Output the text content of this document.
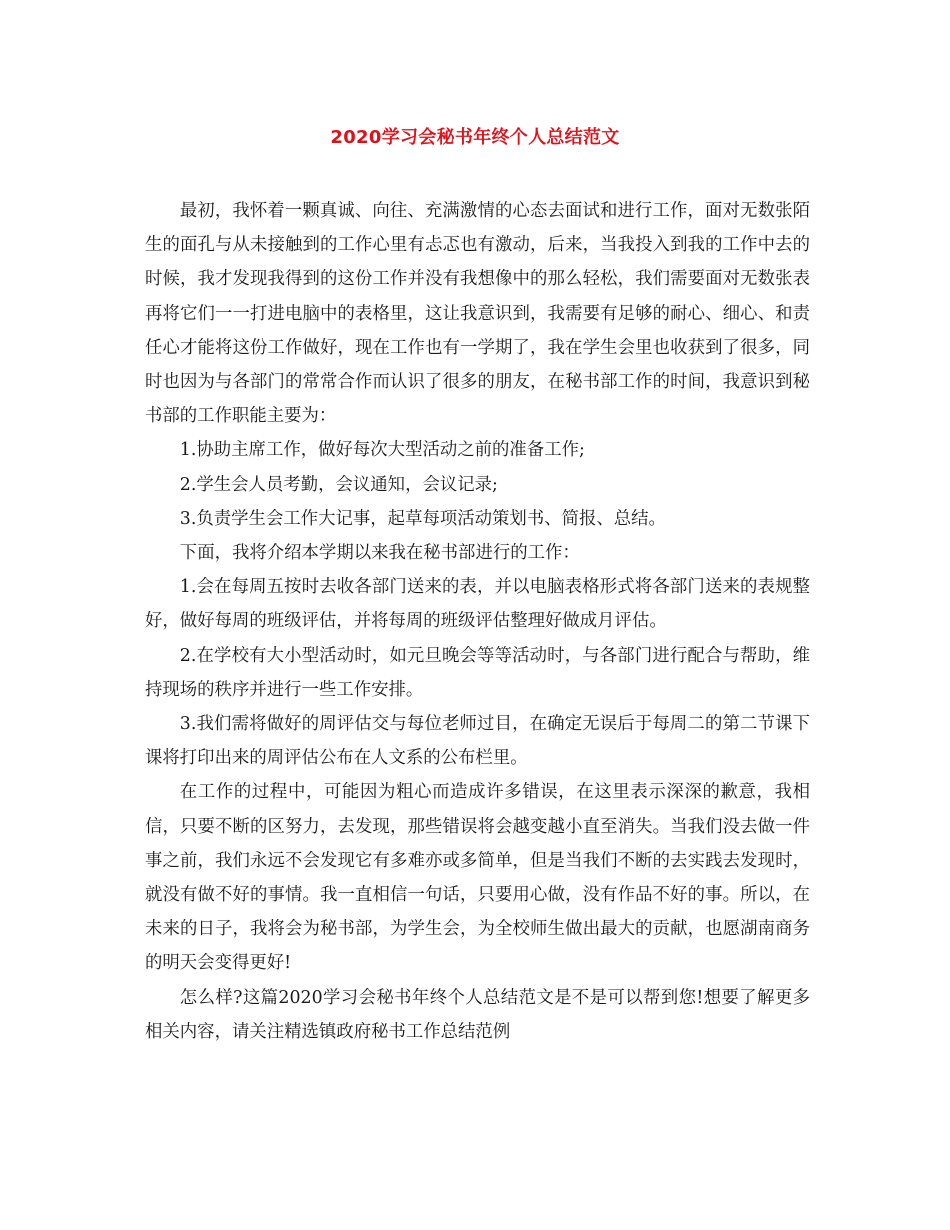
2020学习会秘书年终个人总结范文

最初，我怀着一颗真诚、向往、充满激情的心态去面试和进行工作，面对无数张陌生的面孔与从未接触到的工作心里有忐忑也有激动，后来，当我投入到我的工作中去的时候，我才发现我得到的这份工作并没有我想像中的那么轻松，我们需要面对无数张表再将它们一一打进电脑中的表格里，这让我意识到，我需要有足够的耐心、细心、和责任心才能将这份工作做好，现在工作也有一学期了，我在学生会里也收获到了很多，同时也因为与各部门的常常合作而认识了很多的朋友，在秘书部工作的时间，我意识到秘书部的工作职能主要为：

1.协助主席工作，做好每次大型活动之前的准备工作;

2.学生会人员考勤，会议通知，会议记录;

3.负责学生会工作大记事，起草每项活动策划书、简报、总结。

下面，我将介绍本学期以来我在秘书部进行的工作：

1.会在每周五按时去收各部门送来的表，并以电脑表格形式将各部门送来的表规整好，做好每周的班级评估，并将每周的班级评估整理好做成月评估。

2.在学校有大小型活动时，如元旦晚会等等活动时，与各部门进行配合与帮助，维持现场的秩序并进行一些工作安排。

3.我们需将做好的周评估交与每位老师过目，在确定无误后于每周二的第二节课下课将打印出来的周评估公布在人文系的公布栏里。

在工作的过程中，可能因为粗心而造成许多错误，在这里表示深深的歉意，我相信，只要不断的区努力，去发现，那些错误将会越变越小直至消失。当我们没去做一件事之前，我们永远不会发现它有多难亦或多简单，但是当我们不断的去实践去发现时，就没有做不好的事情。我一直相信一句话，只要用心做，没有作品不好的事。所以，在未来的日子，我将会为秘书部，为学生会，为全校师生做出最大的贡献，也愿湖南商务的明天会变得更好!

怎么样?这篇2020学习会秘书年终个人总结范文是不是可以帮到您!想要了解更多相关内容，请关注精选镇政府秘书工作总结范例
